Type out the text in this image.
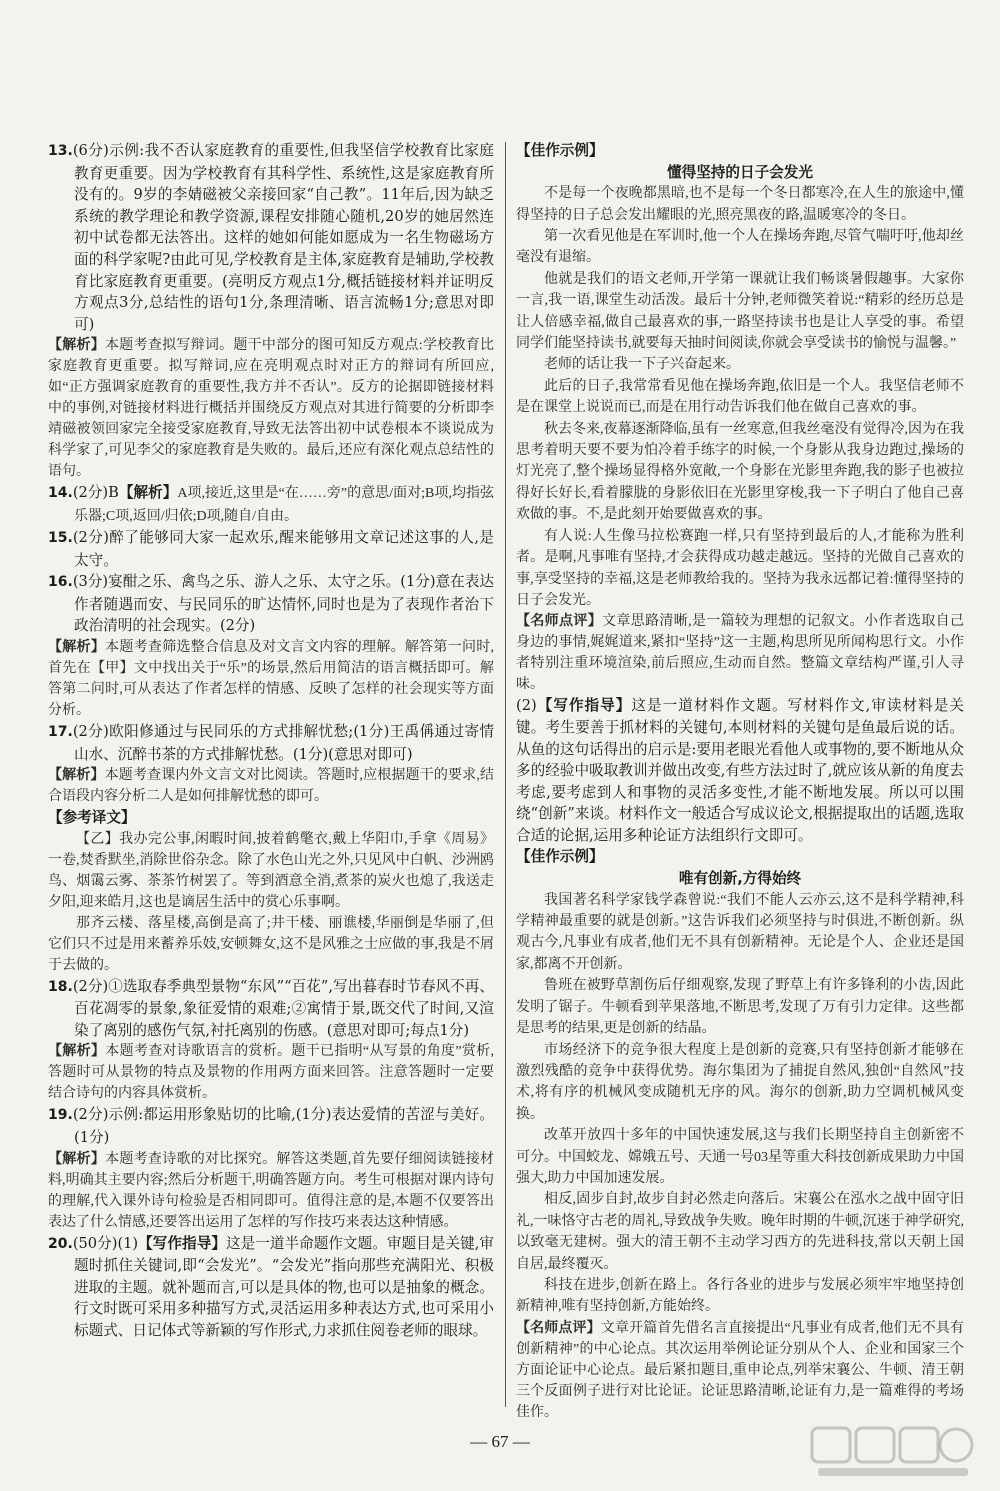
13.(6分)示例:我不否认家庭教育的重要性,但我坚信学校教育比家庭教育更重要。因为学校教育有其科学性、系统性,这是家庭教育所没有的。9岁的李婧磁被父亲接回家“自己教”。11年后,因为缺乏系统的教学理论和教学资源,课程安排随心随机,20岁的她居然连初中试卷都无法答出。这样的她如何能如愿成为一名生物磁场方面的科学家呢?由此可见,学校教育是主体,家庭教育是辅助,学校教育比家庭教育更重要。(亮明反方观点1分,概括链接材料并证明反方观点3分,总结性的语句1分,条理清晰、语言流畅1分;意思对即可)

【解析】本题考查拟写辩词。题干中部分的图可知反方观点:学校教育比家庭教育更重要。拟写辩词,应在亮明观点时对正方的辩词有所回应,如“正方强调家庭教育的重要性,我方并不否认”。反方的论据即链接材料中的事例,对链接材料进行概括并围绕反方观点对其进行简要的分析即李靖磁被领回家完全接受家庭教育,导致无法答出初中试卷根本不谈说成为科学家了,可见李父的家庭教育是失败的。最后,还应有深化观点总结性的语句。

14.(2分)B【解析】A项,接近,这里是“在……旁”的意思/面对;B项,均指弦乐器;C项,返回/归依;D项,随自/自由。

15.(2分)醉了能够同大家一起欢乐,醒来能够用文章记述这事的人,是太守。

16.(3分)宴酣之乐、禽鸟之乐、游人之乐、太守之乐。(1分)意在表达作者随遇而安、与民同乐的旷达情怀,同时也是为了表现作者治下政治清明的社会现实。(2分)

【解析】本题考查筛选整合信息及对文言文内容的理解。解答第一问时,首先在【甲】文中找出关于“乐”的场景,然后用简洁的语言概括即可。解答第二问时,可从表达了作者怎样的情感、反映了怎样的社会现实等方面分析。

17.(2分)欧阳修通过与民同乐的方式排解忧愁;(1分)王禹偁通过寄情山水、沉醉书茶的方式排解忧愁。(1分)(意思对即可)

【解析】本题考查课内外文言文对比阅读。答题时,应根据题干的要求,结合语段内容分析二人是如何排解忧愁的即可。

【参考译文】

【乙】我办完公事,闲暇时间,披着鹤氅衣,戴上华阳巾,手拿《周易》一卷,焚香默坐,消除世俗杂念。除了水色山光之外,只见风中白帆、沙洲鸥鸟、烟霭云雾、茶茶竹树罢了。等到酒意全消,煮茶的炭火也熄了,我送走夕阳,迎来皓月,这也是谪居生活中的赏心乐事啊。

那齐云楼、落星楼,高倒是高了;井干楼、丽谯楼,华丽倒是华丽了,但它们只不过是用来蓄养乐妓,安顿舞女,这不是风雅之士应做的事,我是不屑于去做的。

18.(2分)①选取春季典型景物“东风”“百花”,写出暮春时节春风不再、百花凋零的景象,象征爱情的艰难;②寓情于景,既交代了时间,又渲染了离别的感伤气氛,衬托离别的伤感。(意思对即可;每点1分)

【解析】本题考查对诗歌语言的赏析。题干已指明“从写景的角度”赏析,答题时可从景物的特点及景物的作用两方面来回答。注意答题时一定要结合诗句的内容具体赏析。

19.(2分)示例:都运用形象贴切的比喻,(1分)表达爱情的苦涩与美好。(1分)

【解析】本题考查诗歌的对比探究。解答这类题,首先要仔细阅读链接材料,明确其主要内容;然后分析题干,明确答题方向。考生可根据对课内诗句的理解,代入课外诗句检验是否相同即可。值得注意的是,本题不仅要答出表达了什么情感,还要答出运用了怎样的写作技巧来表达这种情感。

20.(50分)(1)【写作指导】这是一道半命题作文题。审题目是关键,审题时抓住关键词,即“会发光”。“会发光”指向那些充满阳光、积极进取的主题。就补题而言,可以是具体的物,也可以是抽象的概念。行文时既可采用多种描写方式,灵活运用多种表达方式,也可采用小标题式、日记体式等新颖的写作形式,力求抓住阅卷老师的眼球。

【佳作示例】

懂得坚持的日子会发光

不是每一个夜晚都黑暗,也不是每一个冬日都寒冷,在人生的旅途中,懂得坚持的日子总会发出耀眼的光,照亮黑夜的路,温暖寒冷的冬日。

第一次看见他是在军训时,他一个人在操场奔跑,尽管气喘吁吁,他却丝毫没有退缩。

他就是我们的语文老师,开学第一课就让我们畅谈暑假趣事。大家你一言,我一语,课堂生动活泼。最后十分钟,老师微笑着说:“精彩的经历总是让人倍感幸福,做自己最喜欢的事,一路坚持读书也是让人享受的事。希望同学们能坚持读书,就要每天抽时间阅读,你就会享受读书的愉悦与温馨。”

老师的话让我一下子兴奋起来。

此后的日子,我常常看见他在操场奔跑,依旧是一个人。我坚信老师不是在课堂上说说而已,而是在用行动告诉我们他在做自己喜欢的事。

秋去冬来,夜幕逐渐降临,虽有一丝寒意,但我丝毫没有觉得冷,因为在我思考着明天要不要为怕冷着手练字的时候,一个身影从我身边跑过,操场的灯光亮了,整个操场显得格外宽敞,一个身影在光影里奔跑,我的影子也被拉得好长好长,看着朦胧的身影依旧在光影里穿梭,我一下子明白了他自己喜欢做的事。不,是此刻开始要做喜欢的事。

有人说:人生像马拉松赛跑一样,只有坚持到最后的人,才能称为胜利者。是啊,凡事唯有坚持,才会获得成功越走越远。坚持的光做自己喜欢的事,享受坚持的幸福,这是老师教给我的。坚持为我永远都记着:懂得坚持的日子会发光。

【名师点评】文章思路清晰,是一篇较为理想的记叙文。小作者选取自己身边的事情,娓娓道来,紧扣“坚持”这一主题,构思所见所闻构思行文。小作者特别注重环境渲染,前后照应,生动而自然。整篇文章结构严谨,引人寻味。

(2)【写作指导】这是一道材料作文题。写材料作文,审读材料是关键。考生要善于抓材料的关键句,本则材料的关键句是鱼最后说的话。从鱼的这句话得出的启示是:要用老眼光看他人或事物的,要不断地从众多的经验中吸取教训并做出改变,有些方法过时了,就应该从新的角度去考虑,要考虑到人和事物的灵活多变性,才能不断地发展。所以可以围绕“创新”来谈。材料作文一般适合写成议论文,根据提取出的话题,选取合适的论据,运用多种论证方法组织行文即可。

【佳作示例】

唯有创新,方得始终

我国著名科学家钱学森曾说:“我们不能人云亦云,这不是科学精神,科学精神最重要的就是创新。”这告诉我们必须坚持与时俱进,不断创新。纵观古今,凡事业有成者,他们无不具有创新精神。无论是个人、企业还是国家,都离不开创新。

鲁班在被野草割伤后仔细观察,发现了野草上有许多锋利的小齿,因此发明了锯子。牛顿看到苹果落地,不断思考,发现了万有引力定律。这些都是思考的结果,更是创新的结晶。

市场经济下的竞争很大程度上是创新的竞赛,只有坚持创新才能够在激烈残酷的竞争中获得优势。海尔集团为了捕捉自然风,独创“自然风”技术,将有序的机械风变成随机无序的风。海尔的创新,助力空调机械风变换。

改革开放四十多年的中国快速发展,这与我们长期坚持自主创新密不可分。中国蛟龙、嫦娥五号、天通一号03星等重大科技创新成果助力中国强大,助力中国加速发展。

相反,固步自封,故步自封必然走向落后。宋襄公在泓水之战中固守旧礼,一味恪守古老的周礼,导致战争失败。晚年时期的牛顿,沉迷于神学研究,以致毫无建树。强大的清王朝不主动学习西方的先进科技,常以天朝上国自居,最终覆灭。

科技在进步,创新在路上。各行各业的进步与发展必须牢牢地坚持创新精神,唯有坚持创新,方能始终。

【名师点评】文章开篇首先借名言直接提出“凡事业有成者,他们无不具有创新精神”的中心论点。其次运用举例论证分别从个人、企业和国家三个方面论证中心论点。最后紧扣题目,重申论点,列举宋襄公、牛顿、清王朝三个反面例子进行对比论证。论证思路清晰,论证有力,是一篇难得的考场佳作。

— 67 —
